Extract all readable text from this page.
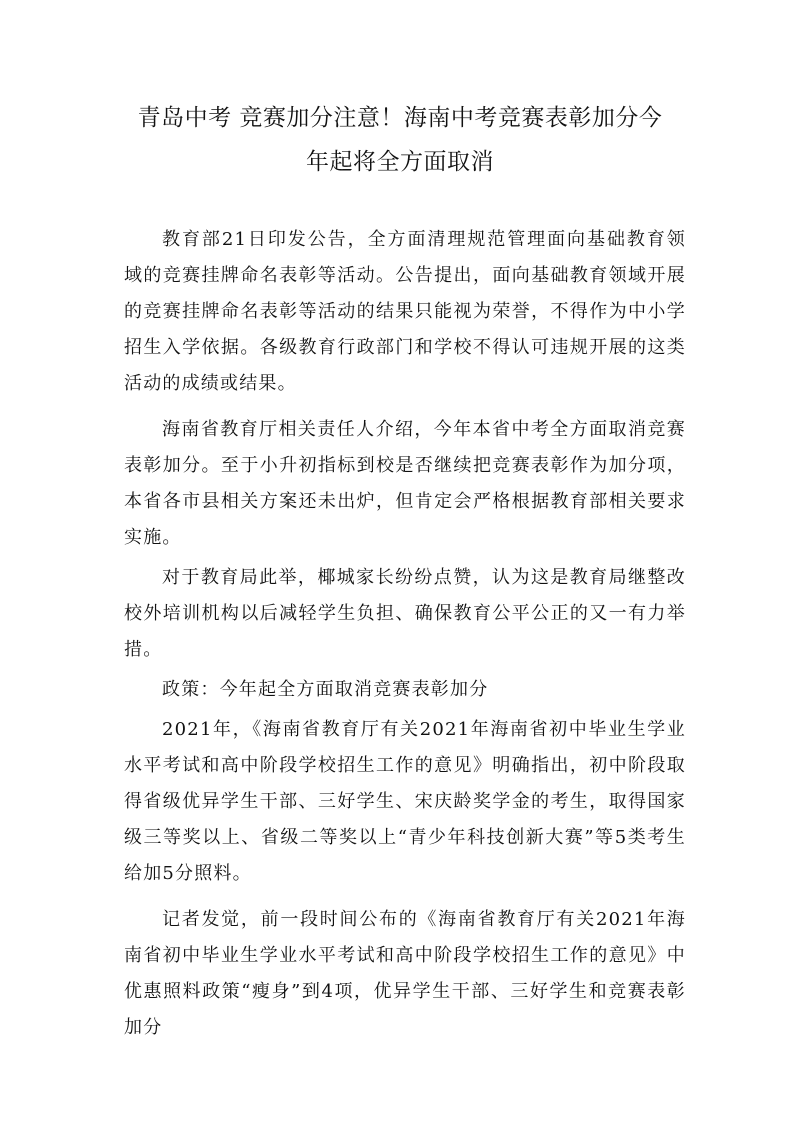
青岛中考 竞赛加分注意！海南中考竞赛表彰加分今
年起将全方面取消

教育部21日印发公告，全方面清理规范管理面向基础教育领域的竞赛挂牌命名表彰等活动。公告提出，面向基础教育领域开展的竞赛挂牌命名表彰等活动的结果只能视为荣誉，不得作为中小学招生入学依据。各级教育行政部门和学校不得认可违规开展的这类活动的成绩或结果。

海南省教育厅相关责任人介绍，今年本省中考全方面取消竞赛表彰加分。至于小升初指标到校是否继续把竞赛表彰作为加分项，本省各市县相关方案还未出炉，但肯定会严格根据教育部相关要求实施。

对于教育局此举，椰城家长纷纷点赞，认为这是教育局继整改校外培训机构以后减轻学生负担、确保教育公平公正的又一有力举措。

政策：今年起全方面取消竞赛表彰加分

2021年，《海南省教育厅有关2021年海南省初中毕业生学业水平考试和高中阶段学校招生工作的意见》明确指出，初中阶段取得省级优异学生干部、三好学生、宋庆龄奖学金的考生，取得国家级三等奖以上、省级二等奖以上“青少年科技创新大赛”等5类考生给加5分照料。

记者发觉，前一段时间公布的《海南省教育厅有关2021年海南省初中毕业生学业水平考试和高中阶段学校招生工作的意见》中优惠照料政策“瘦身”到4项，优异学生干部、三好学生和竞赛表彰加分
